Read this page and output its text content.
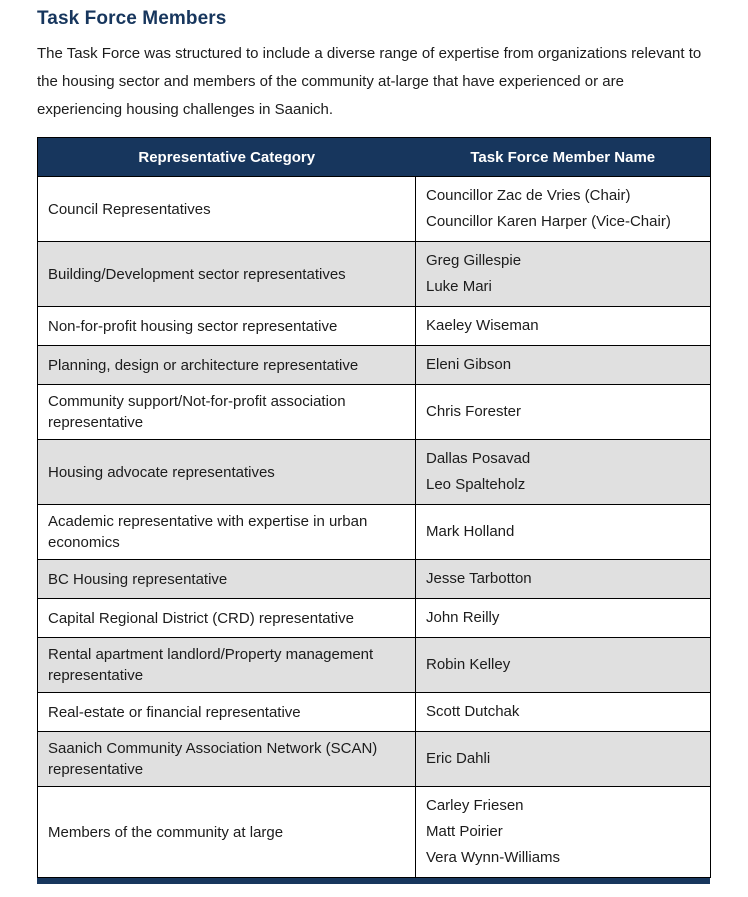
Task Force Members

The Task Force was structured to include a diverse range of expertise from organizations relevant to the housing sector and members of the community at-large that have experienced or are experiencing housing challenges in Saanich.

Representative Category	Task Force Member Name
Council Representatives	Councillor Zac de Vries (Chair)
Councillor Karen Harper (Vice-Chair)

Building/Development sector representatives	Greg Gillespie
Luke Mari

Non-for-profit housing sector representative	Kaeley Wiseman

Planning, design or architecture representative	Eleni Gibson

Community support/Not-for-profit association representative	Chris Forester

Housing advocate representatives	Dallas Posavad
Leo Spalteholz

Academic representative with expertise in urban economics	Mark Holland

BC Housing representative	Jesse Tarbotton

Capital Regional District (CRD) representative	John Reilly

Rental apartment landlord/Property management representative	Robin Kelley

Real-estate or financial representative	Scott Dutchak

Saanich Community Association Network (SCAN) representative	Eric Dahli

Members of the community at large	Carley Friesen
Matt Poirier
Vera Wynn-Williams
